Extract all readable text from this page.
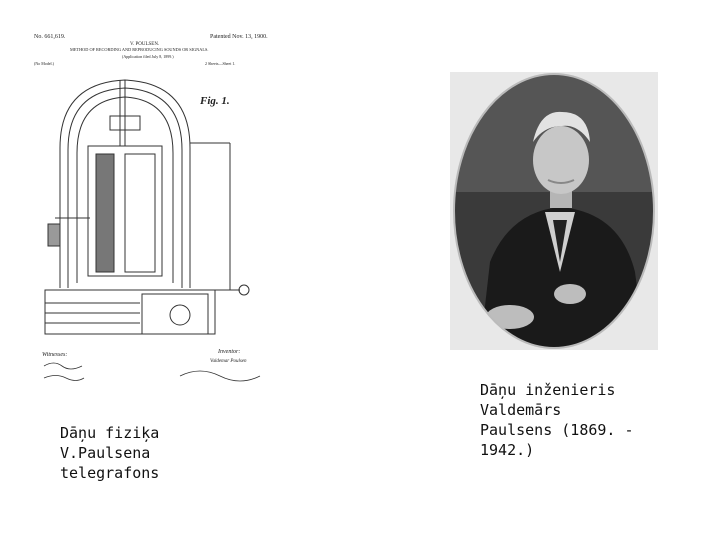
No. 661,619.	Patented Nov. 13, 1900.
V. POULSEN.
METHOD OF RECORDING AND REPRODUCING SOUNDS OR SIGNALS.
(Application filed July 8, 1899.)
(No Model.)	2 Sheets—Sheet 1.
Fig. 1.
Witnesses:	Inventor:
Valdemar Poulsen
Dāņu fiziķa
V.Paulsena
telegrafons
Dāņu inženieris
Valdemārs
Paulsens (1869. -
1942.)
